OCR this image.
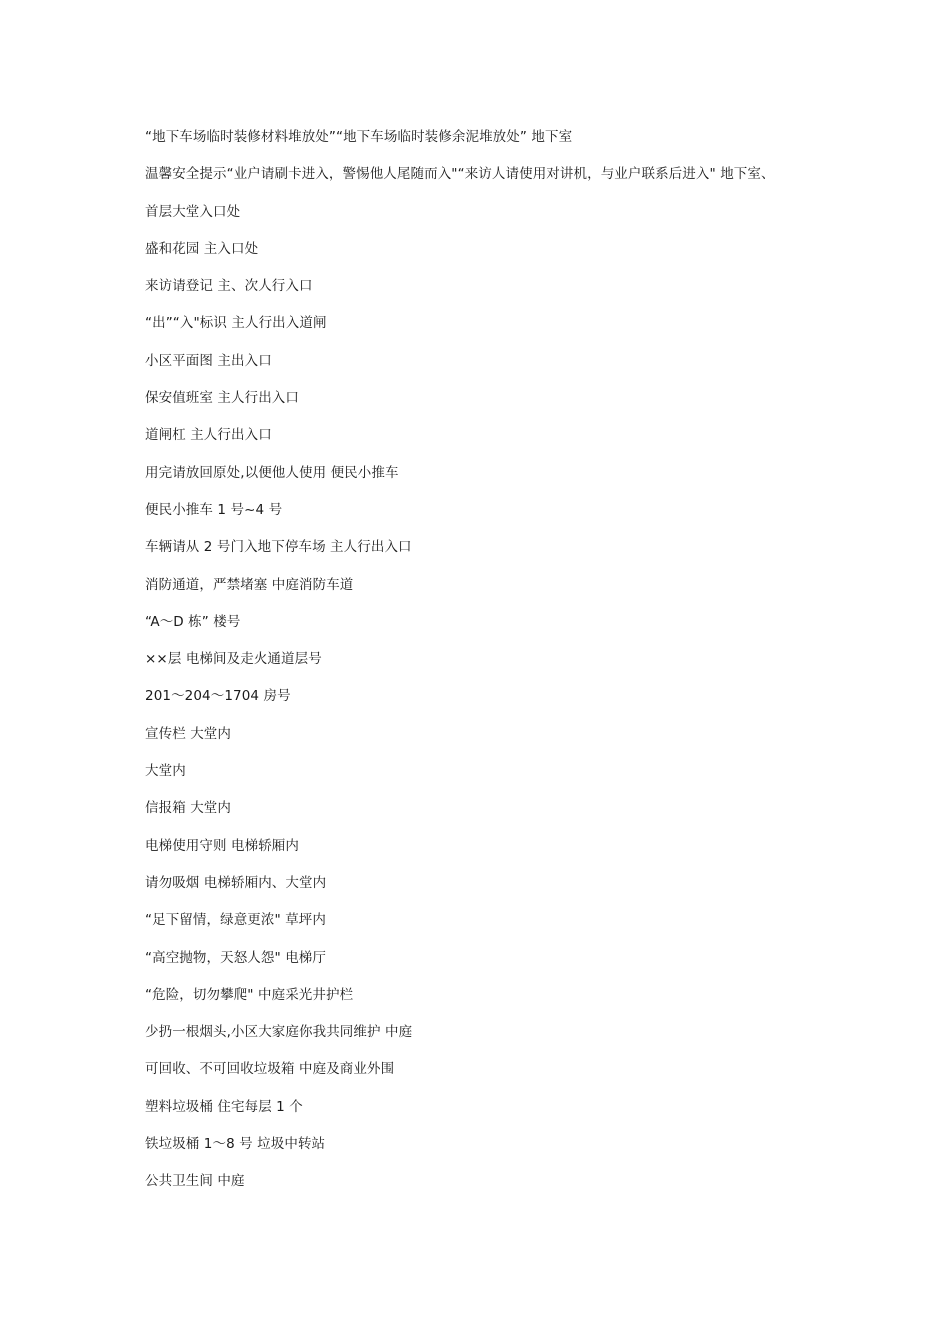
“地下车场临时装修材料堆放处”“地下车场临时装修余泥堆放处” 地下室
温馨安全提示“业户请刷卡进入，警惕他人尾随而入"“来访人请使用对讲机，与业户联系后进入" 地下室、
首层大堂入口处
盛和花园 主入口处
来访请登记 主、次人行入口
“出”“入"标识 主人行出入道闸
小区平面图 主出入口
保安值班室 主人行出入口
道闸杠 主人行出入口
用完请放回原处,以便他人使用 便民小推车
便民小推车 1 号~4 号
车辆请从 2 号门入地下停车场 主人行出入口
消防通道，严禁堵塞 中庭消防车道
“A～D 栋” 楼号
××层 电梯间及走火通道层号
201～204～1704 房号
宣传栏 大堂内
大堂内
信报箱 大堂内
电梯使用守则 电梯轿厢内
请勿吸烟 电梯轿厢内、大堂内
“足下留情，绿意更浓" 草坪内
“高空抛物，天怒人怨" 电梯厅
“危险，切勿攀爬" 中庭采光井护栏
少扔一根烟头,小区大家庭你我共同维护 中庭
可回收、不可回收垃圾箱 中庭及商业外围
塑料垃圾桶 住宅每层 1 个
铁垃圾桶 1～8 号 垃圾中转站
公共卫生间 中庭
